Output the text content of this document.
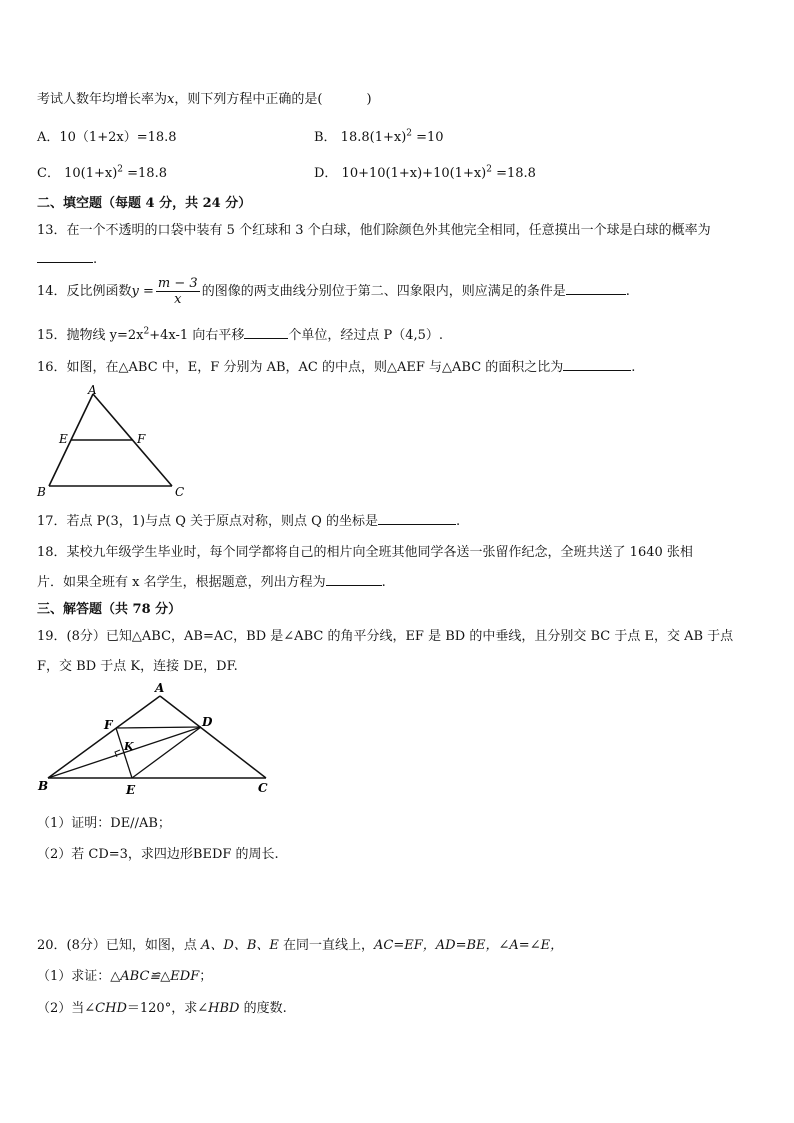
考试人数年均增长率为x，则下列方程中正确的是(	)
A．10（1+2x）=18.8	B． $18.8(1+x)^2 =10$
C． $10(1+x)^2 =18.8$	D． $10+10(1+x)+10(1+x)^2 =18.8$
二、填空题（每题 4 分，共 24 分）
13．在一个不透明的口袋中装有 5 个红球和 3 个白球，他们除颜色外其他完全相同，任意摸出一个球是白球的概率为
.
14．反比例函数$y = \frac{m - 3}{x}$ 的图像的两支曲线分别位于第二、四象限内，则应满足的条件是	.
15．抛物线 $y=2x^2+4x-1$ 向右平移	个单位，经过点 P（4,5）.
16．如图，在△ABC 中，E，F 分别为 AB，AC 的中点，则△AEF 与△ABC 的面积之比为	.
A
E	F
B	C
17．若点 P(3，1)与点 Q 关于原点对称，则点 Q 的坐标是	.
18．某校九年级学生毕业时，每个同学都将自己的相片向全班其他同学各送一张留作纪念，全班共送了 1640 张相
片．如果全班有 x 名学生，根据题意，列出方程为	.
三、解答题（共 78 分）
19．(8分）已知△ABC，AB=AC，BD 是∠ABC 的角平分线，EF 是 BD 的中垂线，且分别交 BC 于点 E，交 AB 于点
F，交 BD 于点 K，连接 DE，DF.
A
F	D
K
B	E	C
（1）证明：DE//AB；
（2）若 CD=3，求四边形BEDF 的周长.
20．(8分）已知，如图，点 A、D、B、E 在同一直线上，AC=EF，AD=BE，∠A=∠E，
（1）求证：△ABC≌△EDF；
（2）当∠CHD＝120°，求∠HBD 的度数.
